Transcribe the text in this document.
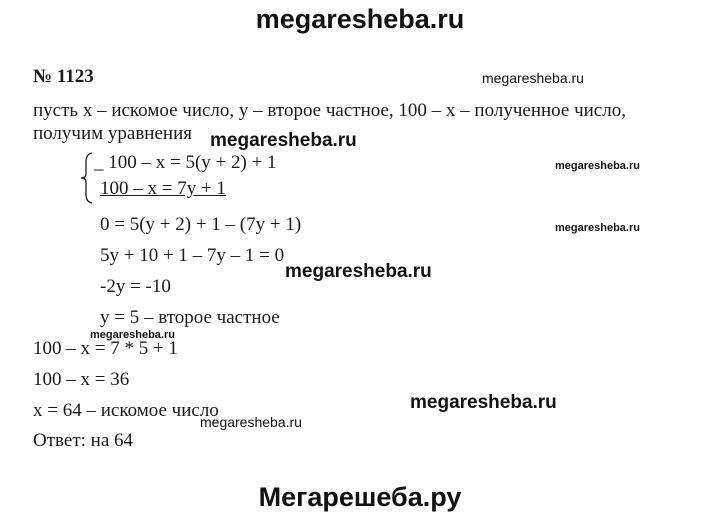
megaresheba.ru
№ 1123	megaresheba.ru
пусть x – искомое число, y – второе частное, 100 – x – полученное число,
получим уравнения megaresheba.ru
_ 100 – x = 5(y + 2) + 1
100 – x = 7y + 1
megaresheba.ru
0 = 5(y + 2) + 1 – (7y + 1)	megaresheba.ru
5y + 10 + 1 – 7y – 1 = 0
megaresheba.ru
-2y = -10
y = 5 – второе частное
megaresheba.ru
100 – x = 7 * 5 + 1
100 – x = 36
x = 64 – искомое число	megaresheba.ru
megaresheba.ru
Ответ: на 64
Мегарешеба.ру
